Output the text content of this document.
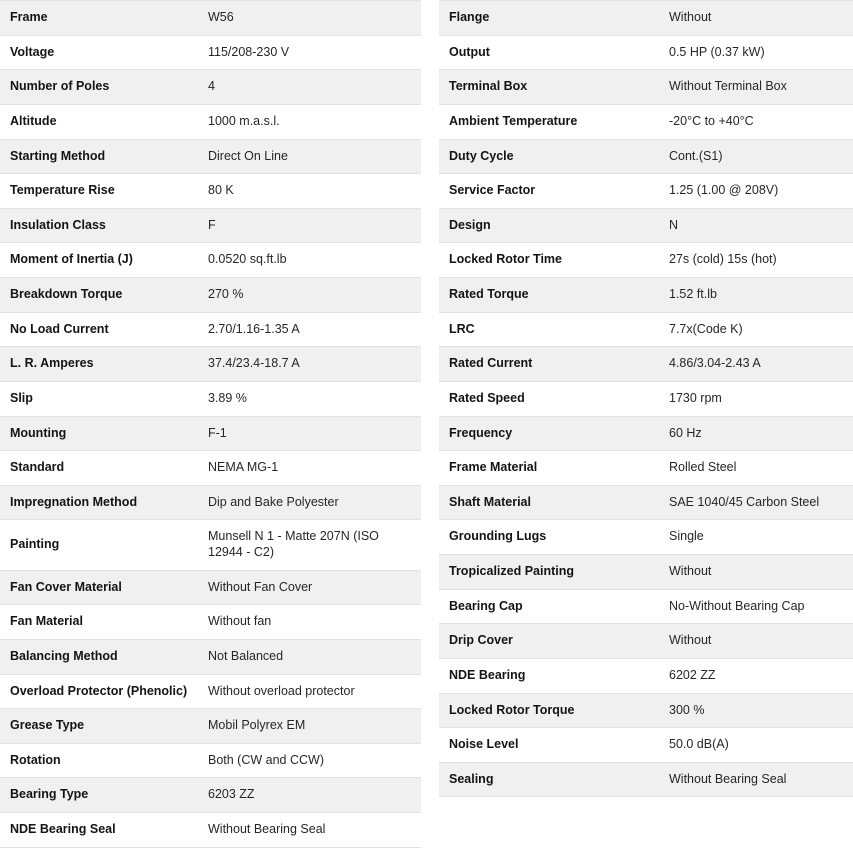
Frame	W56
Voltage	115/208-230 V
Number of Poles	4
Altitude	1000 m.a.s.l.
Starting Method	Direct On Line
Temperature Rise	80 K
Insulation Class	F
Moment of Inertia (J)	0.0520 sq.ft.lb
Breakdown Torque	270 %
No Load Current	2.70/1.16-1.35 A
L. R. Amperes	37.4/23.4-18.7 A
Slip	3.89 %
Mounting	F-1
Standard	NEMA MG-1
Impregnation Method	Dip and Bake Polyester
Painting	Munsell N 1 - Matte 207N (ISO 12944 - C2)
Fan Cover Material	Without Fan Cover
Fan Material	Without fan
Balancing Method	Not Balanced
Overload Protector (Phenolic)	Without overload protector
Grease Type	Mobil Polyrex EM
Rotation	Both (CW and CCW)
Bearing Type	6203 ZZ
NDE Bearing Seal	Without Bearing Seal
Flange	Without
Output	0.5 HP (0.37 kW)
Terminal Box	Without Terminal Box
Ambient Temperature	-20°C to +40°C
Duty Cycle	Cont.(S1)
Service Factor	1.25 (1.00 @ 208V)
Design	N
Locked Rotor Time	27s (cold) 15s (hot)
Rated Torque	1.52 ft.lb
LRC	7.7x(Code K)
Rated Current	4.86/3.04-2.43 A
Rated Speed	1730 rpm
Frequency	60 Hz
Frame Material	Rolled Steel
Shaft Material	SAE 1040/45 Carbon Steel
Grounding Lugs	Single
Tropicalized Painting	Without
Bearing Cap	No-Without Bearing Cap
Drip Cover	Without
NDE Bearing	6202 ZZ
Locked Rotor Torque	300 %
Noise Level	50.0 dB(A)
Sealing	Without Bearing Seal
